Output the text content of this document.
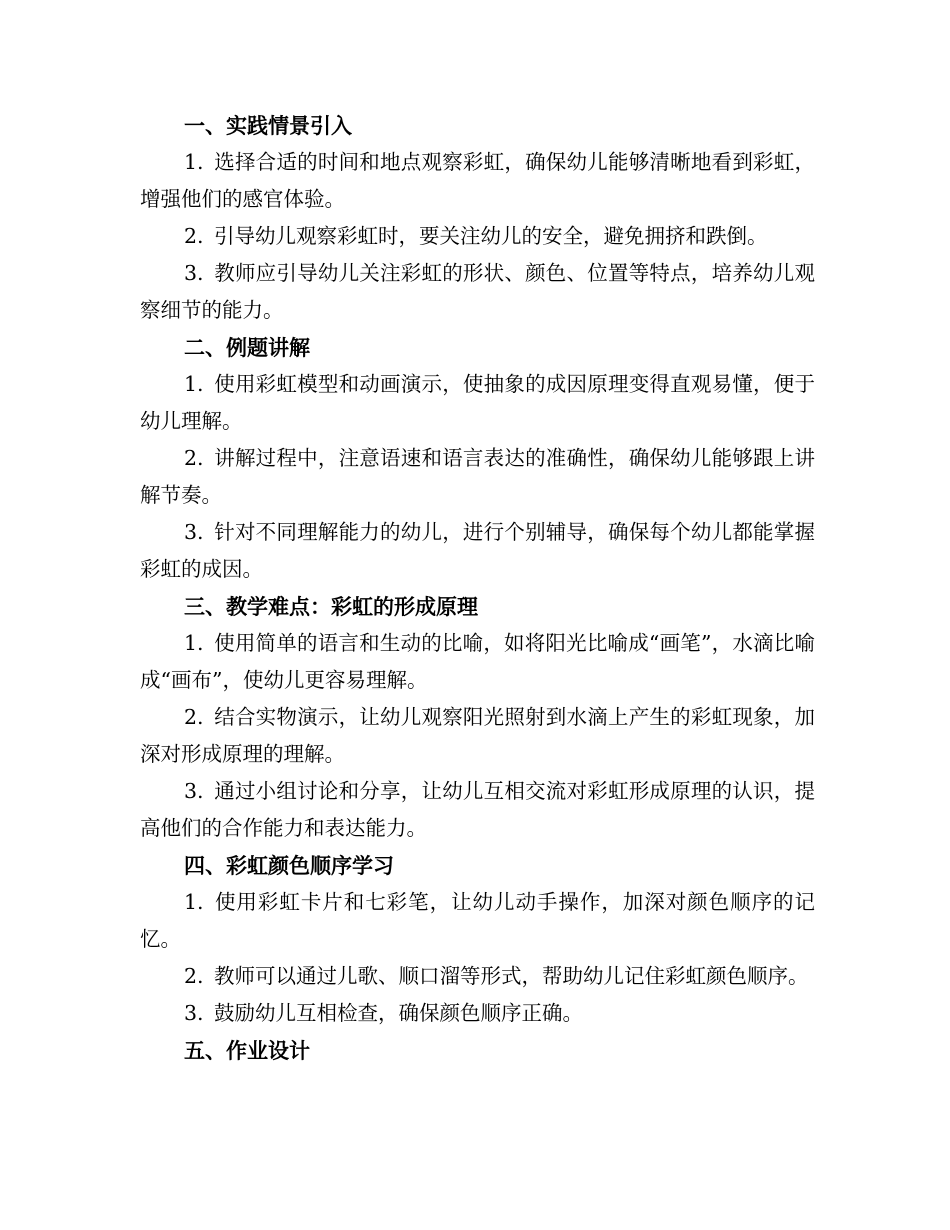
一、实践情景引入

1. 选择合适的时间和地点观察彩虹，确保幼儿能够清晰地看到彩虹，增强他们的感官体验。

2. 引导幼儿观察彩虹时，要关注幼儿的安全，避免拥挤和跌倒。

3. 教师应引导幼儿关注彩虹的形状、颜色、位置等特点，培养幼儿观察细节的能力。

二、例题讲解

1. 使用彩虹模型和动画演示，使抽象的成因原理变得直观易懂，便于幼儿理解。

2. 讲解过程中，注意语速和语言表达的准确性，确保幼儿能够跟上讲解节奏。

3. 针对不同理解能力的幼儿，进行个别辅导，确保每个幼儿都能掌握彩虹的成因。

三、教学难点：彩虹的形成原理

1. 使用简单的语言和生动的比喻，如将阳光比喻成“画笔”，水滴比喻成“画布”，使幼儿更容易理解。

2. 结合实物演示，让幼儿观察阳光照射到水滴上产生的彩虹现象，加深对形成原理的理解。

3. 通过小组讨论和分享，让幼儿互相交流对彩虹形成原理的认识，提高他们的合作能力和表达能力。

四、彩虹颜色顺序学习

1. 使用彩虹卡片和七彩笔，让幼儿动手操作，加深对颜色顺序的记忆。

2. 教师可以通过儿歌、顺口溜等形式，帮助幼儿记住彩虹颜色顺序。

3. 鼓励幼儿互相检查，确保颜色顺序正确。

五、作业设计
